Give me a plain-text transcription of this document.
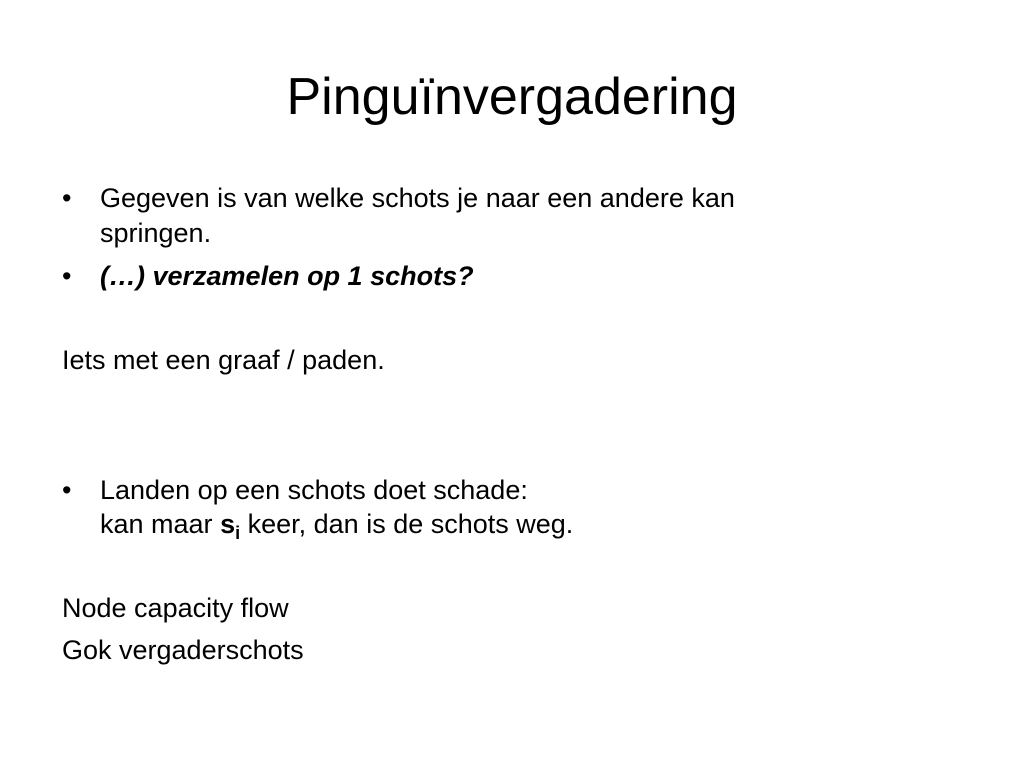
Pinguïnvergadering
• Gegeven is van welke schots je naar een andere kan
springen.
• (…) verzamelen op 1 schots?
Iets met een graaf / paden.
• Landen op een schots doet schade:
kan maar $s_i$ keer, dan is de schots weg.
Node capacity flow
Gok vergaderschots
